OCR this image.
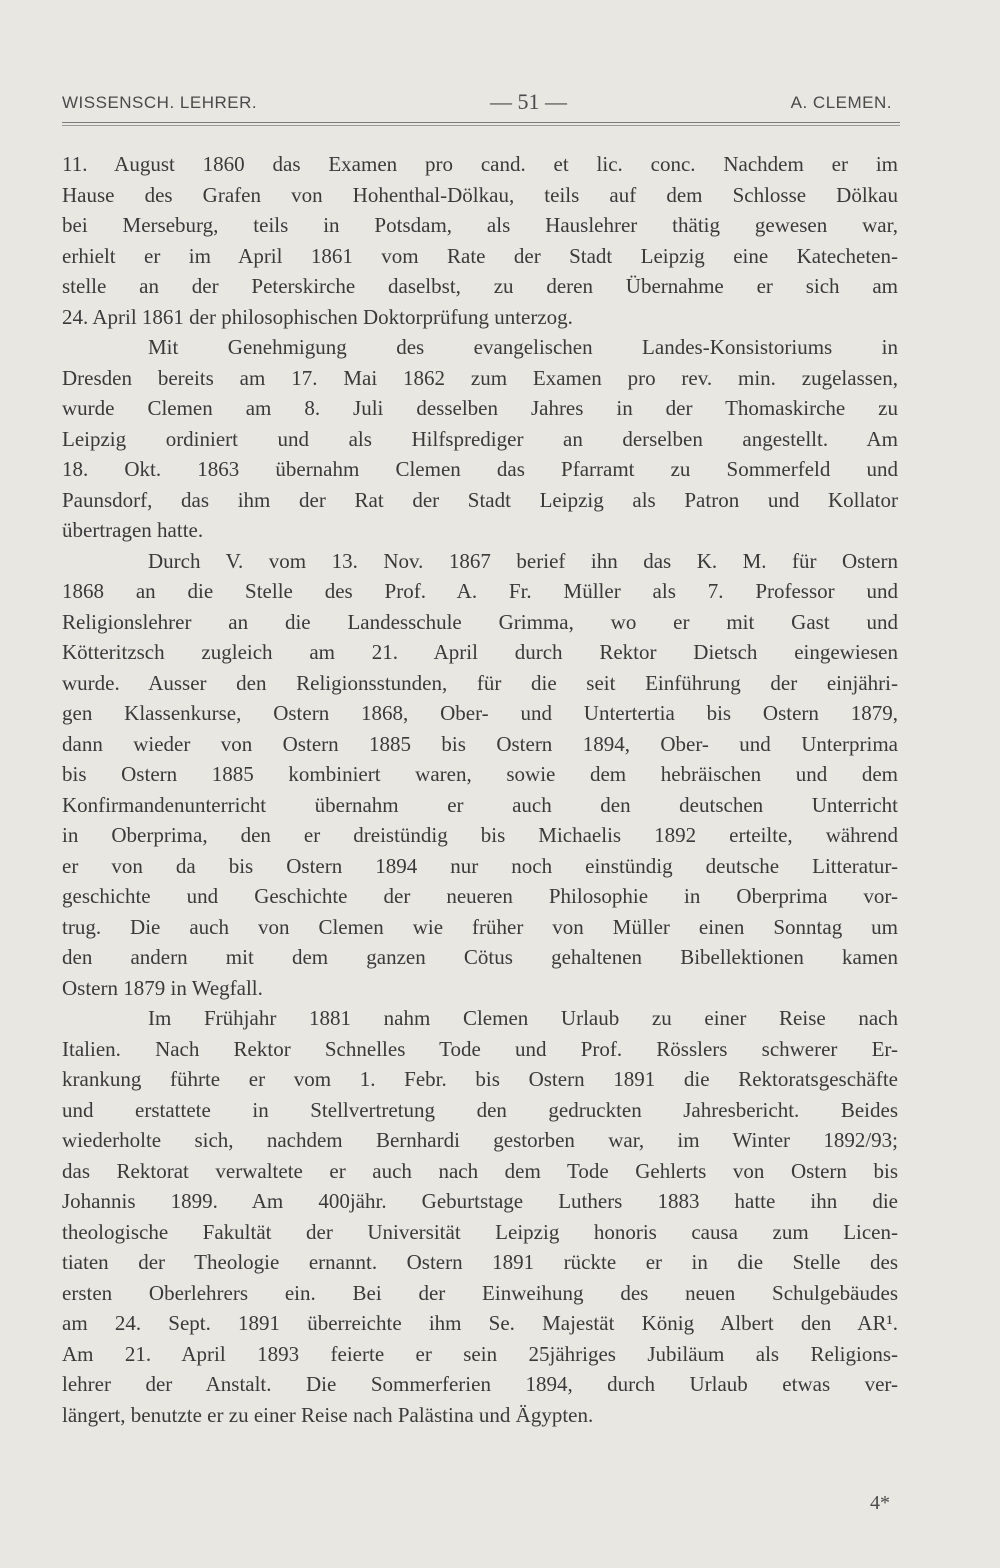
WISSENSCH. LEHRER.	— 51 —	A. CLEMEN.
11. August 1860 das Examen pro cand. et lic. conc. Nachdem er im
Hause des Grafen von Hohenthal-Dölkau, teils auf dem Schlosse Dölkau
bei Merseburg, teils in Potsdam, als Hauslehrer thätig gewesen war,
erhielt er im April 1861 vom Rate der Stadt Leipzig eine Katecheten-
stelle an der Peterskirche daselbst, zu deren Übernahme er sich am
24. April 1861 der philosophischen Doktorprüfung unterzog.
Mit Genehmigung des evangelischen Landes-Konsistoriums in
Dresden bereits am 17. Mai 1862 zum Examen pro rev. min. zugelassen,
wurde Clemen am 8. Juli desselben Jahres in der Thomaskirche zu
Leipzig ordiniert und als Hilfsprediger an derselben angestellt. Am
18. Okt. 1863 übernahm Clemen das Pfarramt zu Sommerfeld und
Paunsdorf, das ihm der Rat der Stadt Leipzig als Patron und Kollator
übertragen hatte.
Durch V. vom 13. Nov. 1867 berief ihn das K. M. für Ostern
1868 an die Stelle des Prof. A. Fr. Müller als 7. Professor und
Religionslehrer an die Landesschule Grimma, wo er mit Gast und
Kötteritzsch zugleich am 21. April durch Rektor Dietsch eingewiesen
wurde. Ausser den Religionsstunden, für die seit Einführung der einjähri-
gen Klassenkurse, Ostern 1868, Ober- und Untertertia bis Ostern 1879,
dann wieder von Ostern 1885 bis Ostern 1894, Ober- und Unterprima
bis Ostern 1885 kombiniert waren, sowie dem hebräischen und dem
Konfirmandenunterricht übernahm er auch den deutschen Unterricht
in Oberprima, den er dreistündig bis Michaelis 1892 erteilte, während
er von da bis Ostern 1894 nur noch einstündig deutsche Litteratur-
geschichte und Geschichte der neueren Philosophie in Oberprima vor-
trug. Die auch von Clemen wie früher von Müller einen Sonntag um
den andern mit dem ganzen Cötus gehaltenen Bibellektionen kamen
Ostern 1879 in Wegfall.
Im Frühjahr 1881 nahm Clemen Urlaub zu einer Reise nach
Italien. Nach Rektor Schnelles Tode und Prof. Rösslers schwerer Er-
krankung führte er vom 1. Febr. bis Ostern 1891 die Rektoratsgeschäfte
und erstattete in Stellvertretung den gedruckten Jahresbericht. Beides
wiederholte sich, nachdem Bernhardi gestorben war, im Winter 1892/93;
das Rektorat verwaltete er auch nach dem Tode Gehlerts von Ostern bis
Johannis 1899. Am 400jähr. Geburtstage Luthers 1883 hatte ihn die
theologische Fakultät der Universität Leipzig honoris causa zum Licen-
tiaten der Theologie ernannt. Ostern 1891 rückte er in die Stelle des
ersten Oberlehrers ein. Bei der Einweihung des neuen Schulgebäudes
am 24. Sept. 1891 überreichte ihm Se. Majestät König Albert den AR¹.
Am 21. April 1893 feierte er sein 25jähriges Jubiläum als Religions-
lehrer der Anstalt. Die Sommerferien 1894, durch Urlaub etwas ver-
längert, benutzte er zu einer Reise nach Palästina und Ägypten.
4*
